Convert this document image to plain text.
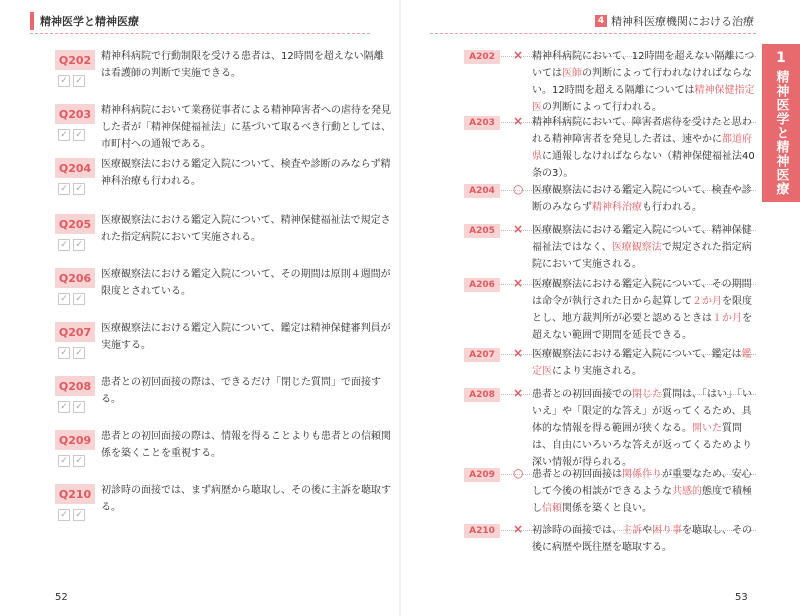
精神医学と精神医療	4 精神科医療機関における治療
1
精神医学と精神医療
Q202 精神科病院で行動制限を受ける患者は、12時間を超えない隔離は看護師の判断で実施できる。
✓ ✓
Q203 精神科病院において業務従事者による精神障害者への虐待を発見した者が「精神保健福祉法」に基づいて取るべき行動としては、市町村への通報である。
✓ ✓
Q204 医療観察法における鑑定入院について、検査や診断のみならず精神科治療も行われる。
✓ ✓
Q205 医療観察法における鑑定入院について、精神保健福祉法で規定された指定病院において実施される。
✓ ✓
Q206 医療観察法における鑑定入院について、その期間は原則４週間が限度とされている。
✓ ✓
Q207 医療観察法における鑑定入院について、鑑定は精神保健審判員が実施する。
✓ ✓
Q208 患者との初回面接の際は、できるだけ「閉じた質問」で面接する。
✓ ✓
Q209 患者との初回面接の際は、情報を得ることよりも患者との信頼関係を築くことを重視する。
✓ ✓
Q210 初診時の面接では、まず病歴から聴取し、その後に主訴を聴取する。
✓ ✓
A202	× 精神科病院において、12時間を超えない隔離については医師の判断によって行われなければならない。12時間を超える隔離については精神保健指定医の判断によって行われる。
A203	× 精神科病院において、障害者虐待を受けたと思われる精神障害者を発見した者は、速やかに都道府県に通報しなければならない（精神保健福祉法40条の3）。
A204	○ 医療観察法における鑑定入院について、検査や診断のみならず精神科治療も行われる。
A205	× 医療観察法における鑑定入院について、精神保健福祉法ではなく、医療観察法で規定された指定病院において実施される。
A206	× 医療観察法における鑑定入院について、その期間は命令が執行された日から起算して２か月を限度とし、地方裁判所が必要と認めるときは１か月を超えない範囲で期間を延長できる。
A207	× 医療観察法における鑑定入院について、鑑定は鑑定医により実施される。
A208	× 患者との初回面接での閉じた質問は、「はい」「いいえ」や「限定的な答え」が返ってくるため、具体的な情報を得る範囲が狭くなる。開いた質問は、自由にいろいろな答えが返ってくるためより深い情報が得られる。
A209	○ 患者との初回面接は関係作りが重要なため、安心して今後の相談ができるような共感的態度で積極し信頼関係を築くと良い。
A210	× 初診時の面接では、主訴や困り事を聴取し、その後に病歴や既往歴を聴取する。
52	53
